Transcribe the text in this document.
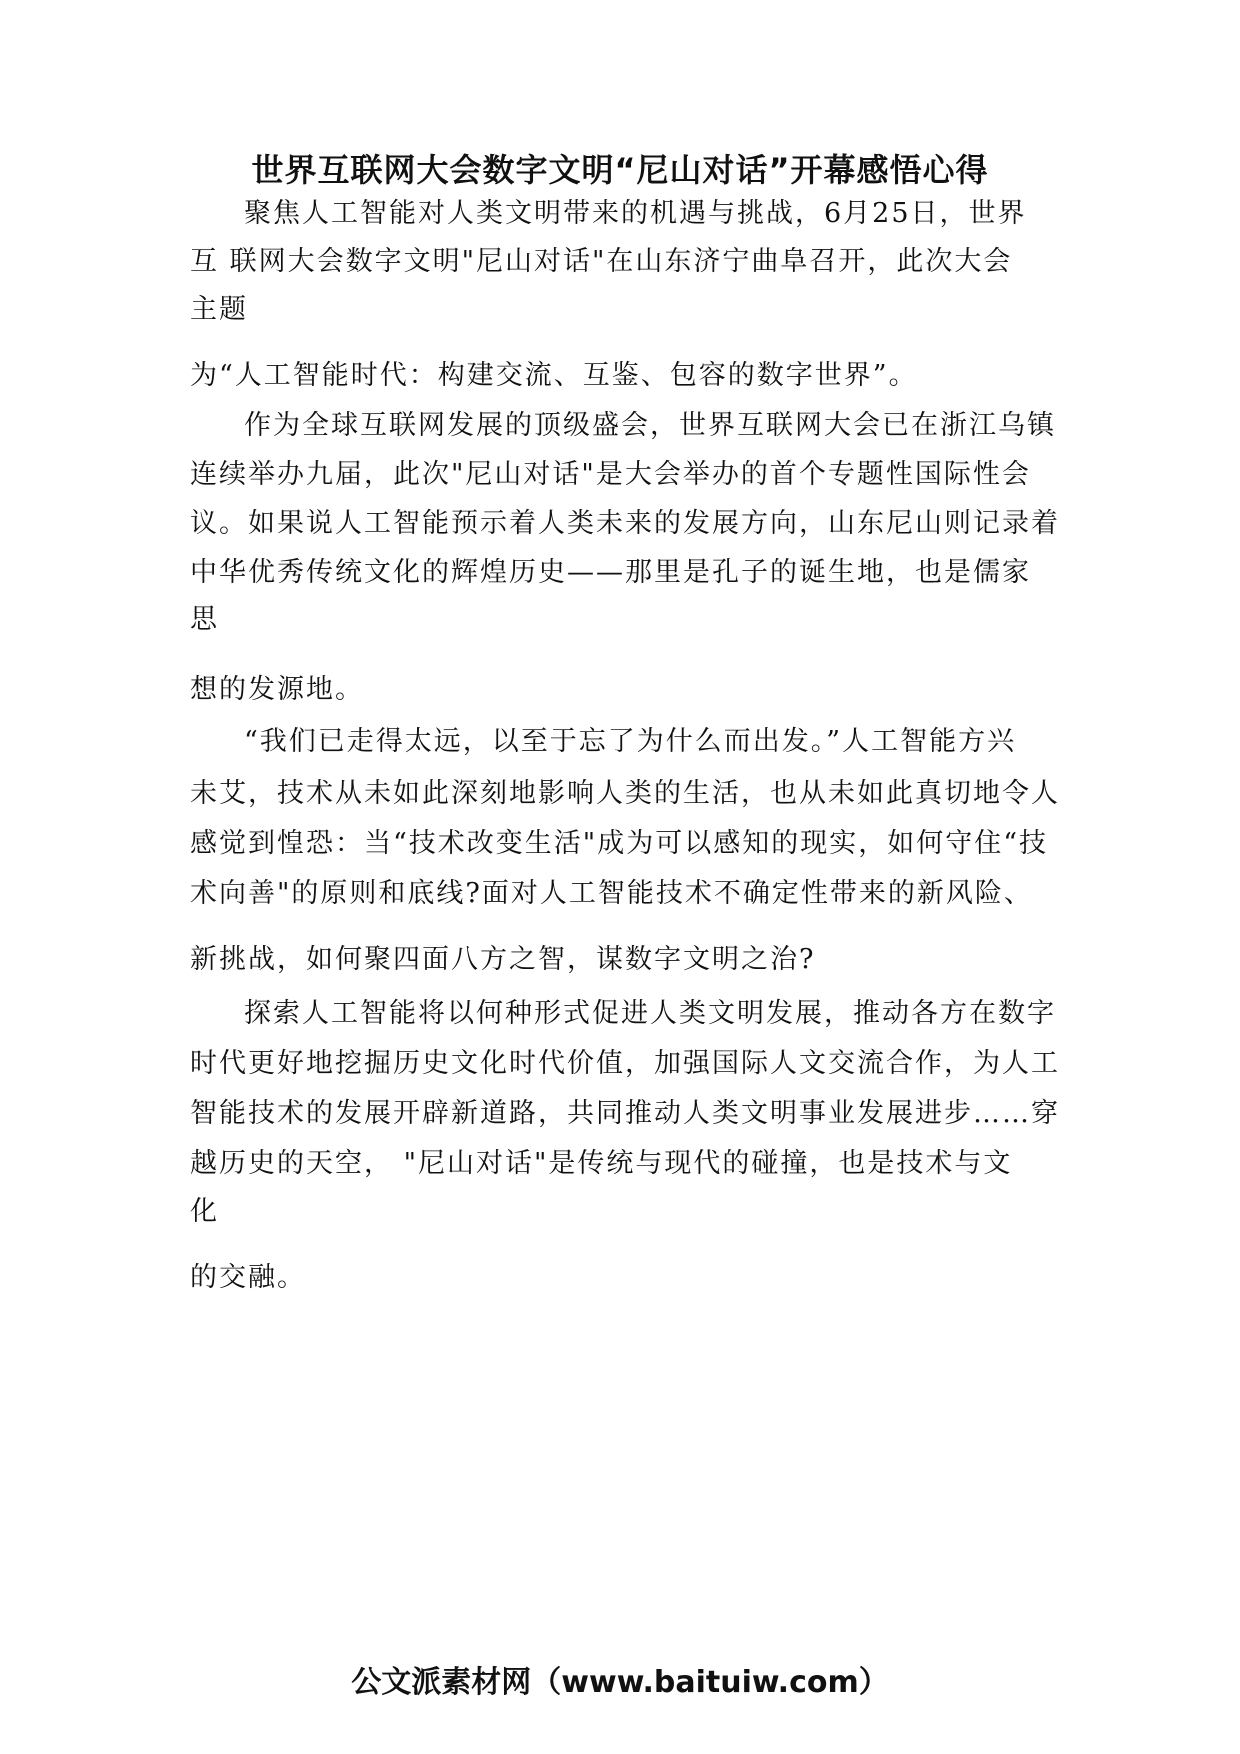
世界互联网大会数字文明“尼山对话”开幕感悟心得

聚焦人工智能对人类文明带来的机遇与挑战，6月25日，世界

互 联网大会数字文明"尼山对话"在山东济宁曲阜召开，此次大会

主题

为“人工智能时代：构建交流、互鉴、包容的数字世界”。

作为全球互联网发展的顶级盛会，世界互联网大会已在浙江乌镇

连续举办九届，此次"尼山对话"是大会举办的首个专题性国际性会

议。如果说人工智能预示着人类未来的发展方向，山东尼山则记录着

中华优秀传统文化的辉煌历史——那里是孔子的诞生地，也是儒家

思

想的发源地。

“我们已走得太远，以至于忘了为什么而出发。”人工智能方兴

未艾，技术从未如此深刻地影响人类的生活，也从未如此真切地令人

感觉到惶恐：当“技术改变生活"成为可以感知的现实，如何守住“技

术向善"的原则和底线?面对人工智能技术不确定性带来的新风险、

新挑战，如何聚四面八方之智，谋数字文明之治?

探索人工智能将以何种形式促进人类文明发展，推动各方在数字

时代更好地挖掘历史文化时代价值，加强国际人文交流合作，为人工

智能技术的发展开辟新道路，共同推动人类文明事业发展进步……穿

越历史的天空， "尼山对话"是传统与现代的碰撞，也是技术与文

化

的交融。

公文派素材网（www.baituiw.com）
